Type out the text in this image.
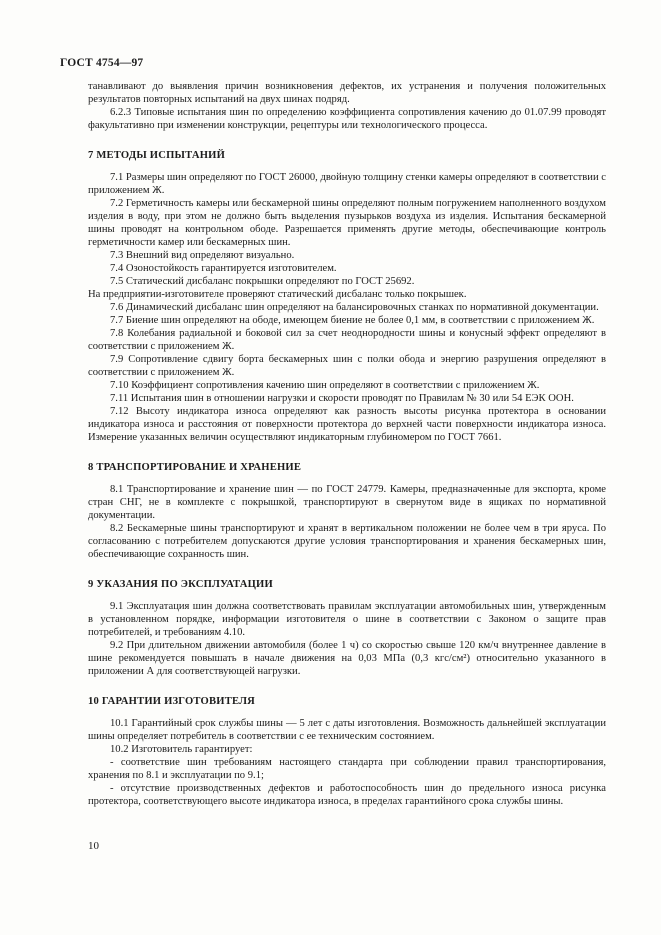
ГОСТ 4754—97

танавливают до выявления причин возникновения дефектов, их устранения и получения положительных результатов повторных испытаний на двух шинах подряд.

6.2.3 Типовые испытания шин по определению коэффициента сопротивления качению до 01.07.99 проводят факультативно при изменении конструкции, рецептуры или технологического процесса.

7 МЕТОДЫ ИСПЫТАНИЙ

7.1 Размеры шин определяют по ГОСТ 26000, двойную толщину стенки камеры определяют в соответствии с приложением Ж.

7.2 Герметичность камеры или бескамерной шины определяют полным погружением наполненного воздухом изделия в воду, при этом не должно быть выделения пузырьков воздуха из изделия. Испытания бескамерной шины проводят на контрольном ободе. Разрешается применять другие методы, обеспечивающие контроль герметичности камер или бескамерных шин.

7.3 Внешний вид определяют визуально.

7.4 Озоностойкость гарантируется изготовителем.

7.5 Статический дисбаланс покрышки определяют по ГОСТ 25692.

На предприятии-изготовителе проверяют статический дисбаланс только покрышек.

7.6 Динамический дисбаланс шин определяют на балансировочных станках по нормативной документации.

7.7 Биение шин определяют на ободе, имеющем биение не более 0,1 мм, в соответствии с приложением Ж.

7.8 Колебания радиальной и боковой сил за счет неоднородности шины и конусный эффект определяют в соответствии с приложением Ж.

7.9 Сопротивление сдвигу борта бескамерных шин с полки обода и энергию разрушения определяют в соответствии с приложением Ж.

7.10 Коэффициент сопротивления качению шин определяют в соответствии с приложением Ж.

7.11 Испытания шин в отношении нагрузки и скорости проводят по Правилам № 30 или 54 ЕЭК ООН.

7.12 Высоту индикатора износа определяют как разность высоты рисунка протектора в основании индикатора износа и расстояния от поверхности протектора до верхней части поверхности индикатора износа. Измерение указанных величин осуществляют индикаторным глубиномером по ГОСТ 7661.

8 ТРАНСПОРТИРОВАНИЕ И ХРАНЕНИЕ

8.1 Транспортирование и хранение шин — по ГОСТ 24779. Камеры, предназначенные для экспорта, кроме стран СНГ, не в комплекте с покрышкой, транспортируют в свернутом виде в ящиках по нормативной документации.

8.2 Бескамерные шины транспортируют и хранят в вертикальном положении не более чем в три яруса. По согласованию с потребителем допускаются другие условия транспортирования и хранения бескамерных шин, обеспечивающие сохранность шин.

9 УКАЗАНИЯ ПО ЭКСПЛУАТАЦИИ

9.1 Эксплуатация шин должна соответствовать правилам эксплуатации автомобильных шин, утвержденным в установленном порядке, информации изготовителя о шине в соответствии с Законом о защите прав потребителей, и требованиям 4.10.

9.2 При длительном движении автомобиля (более 1 ч) со скоростью свыше 120 км/ч внутреннее давление в шине рекомендуется повышать в начале движения на 0,03 МПа (0,3 кгс/см²) относительно указанного в приложении А для соответствующей нагрузки.

10 ГАРАНТИИ ИЗГОТОВИТЕЛЯ

10.1 Гарантийный срок службы шины — 5 лет с даты изготовления. Возможность дальнейшей эксплуатации шины определяет потребитель в соответствии с ее техническим состоянием.

10.2 Изготовитель гарантирует:

- соответствие шин требованиям настоящего стандарта при соблюдении правил транспортирования, хранения по 8.1 и эксплуатации по 9.1;

- отсутствие производственных дефектов и работоспособность шин до предельного износа рисунка протектора, соответствующего высоте индикатора износа, в пределах гарантийного срока службы шины.

10
